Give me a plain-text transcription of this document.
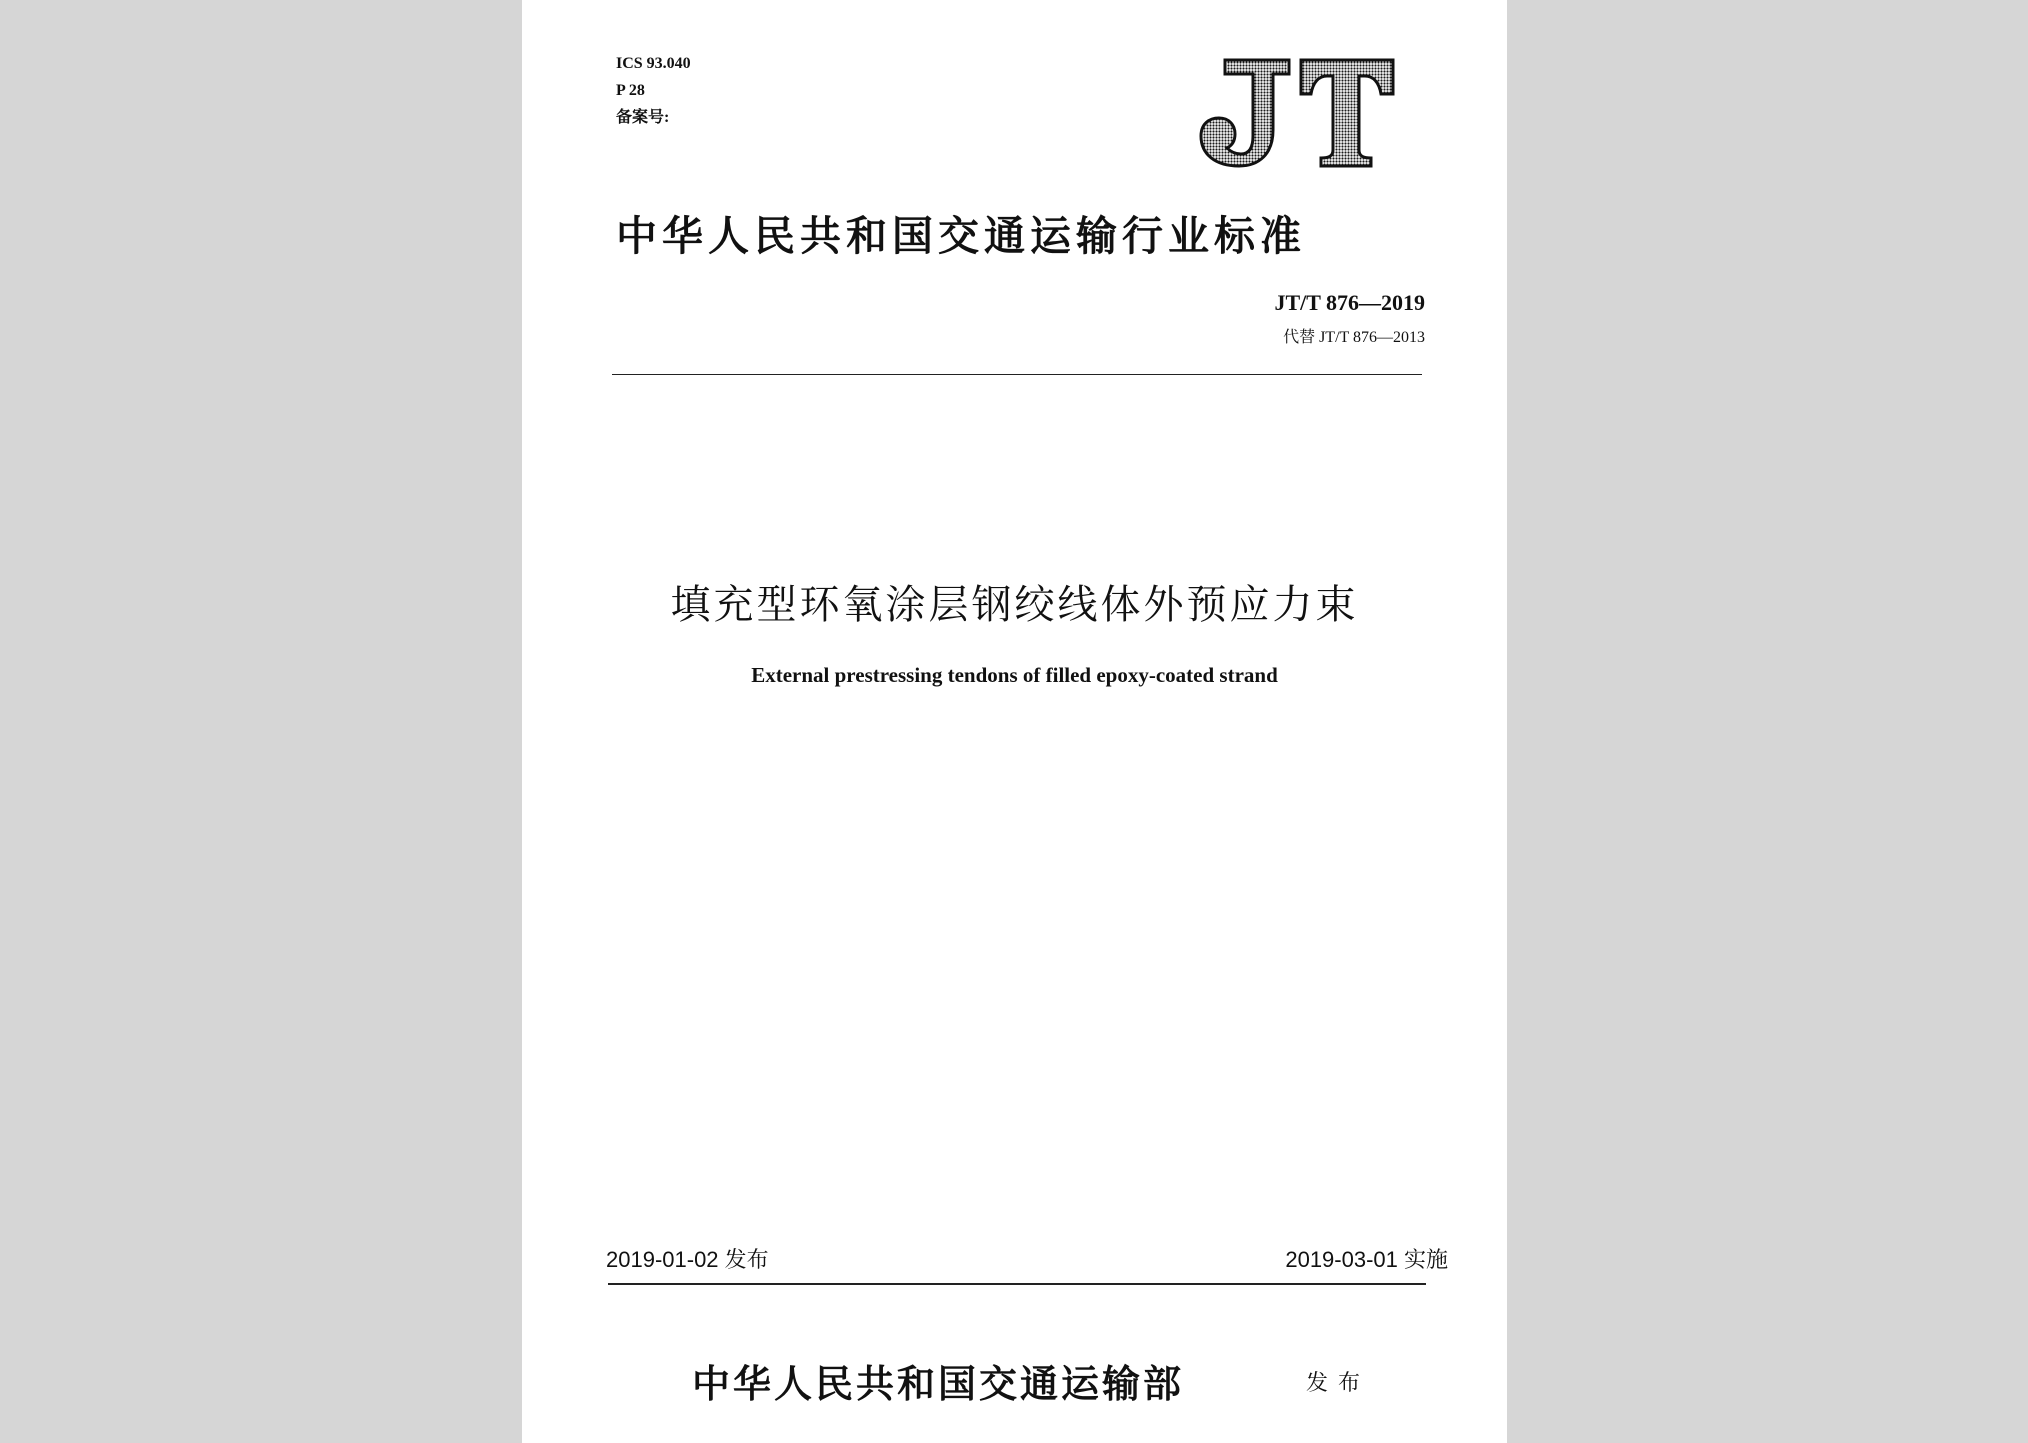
ICS 93.040
P 28
备案号:
中华人民共和国交通运输行业标准
JT/T 876—2019
代替 JT/T 876—2013
填充型环氧涂层钢绞线体外预应力束
External prestressing tendons of filled epoxy-coated strand
2019-01-02 发布	2019-03-01 实施
中华人民共和国交通运输部	发布
